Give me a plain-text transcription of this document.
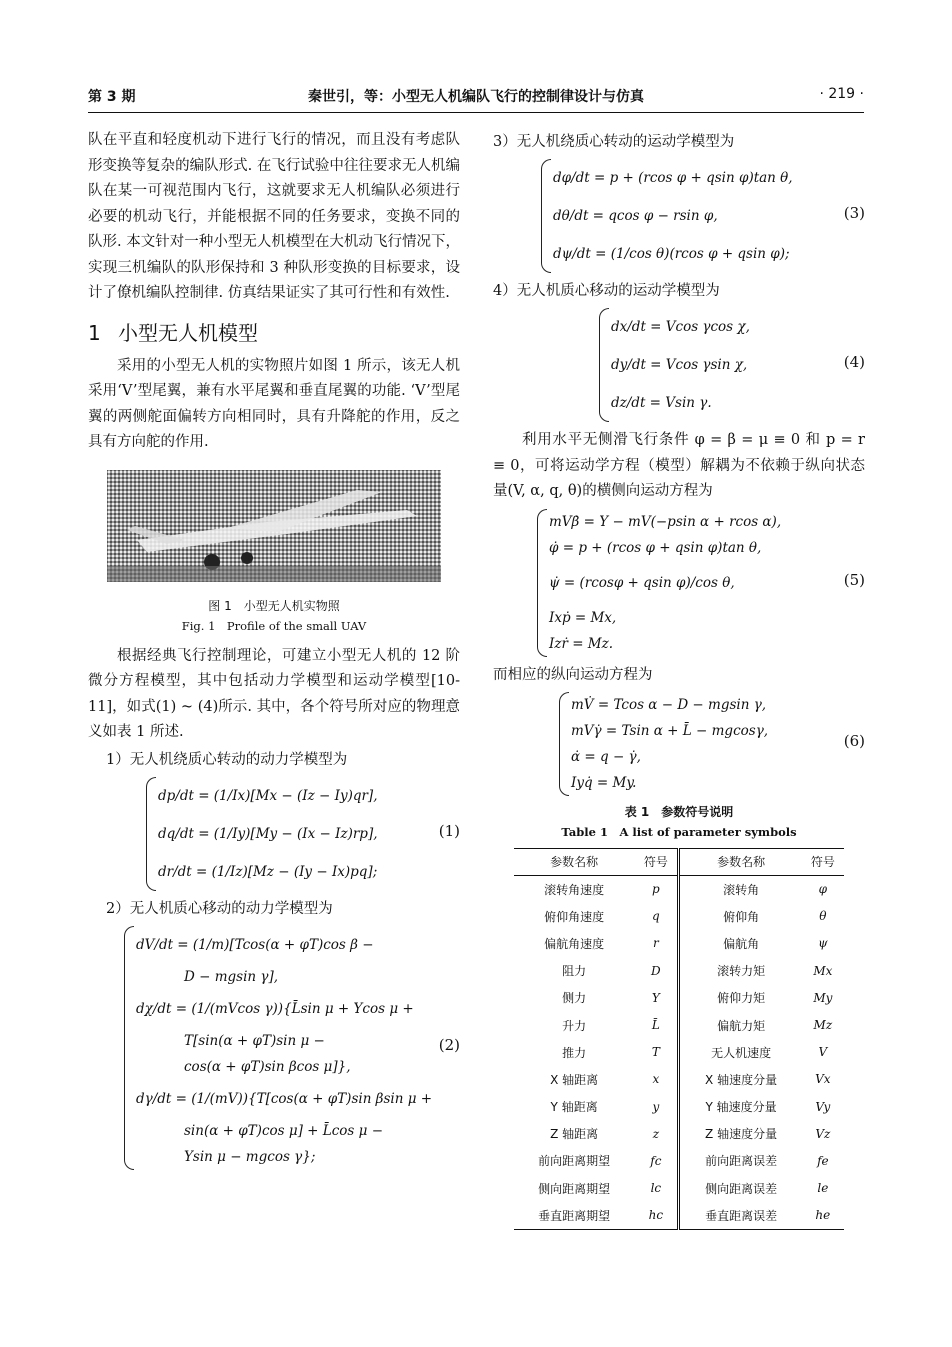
第 3 期	秦世引，等：小型无人机编队飞行的控制律设计与仿真	· 219 ·

队在平直和轻度机动下进行飞行的情况，而且没有考虑队形变换等复杂的编队形式. 在飞行试验中往往要求无人机编队在某一可视范围内飞行，这就要求无人机编队必须进行必要的机动飞行，并能根据不同的任务要求，变换不同的队形. 本文针对一种小型无人机模型在大机动飞行情况下，实现三机编队的队形保持和 3 种队形变换的目标要求，设计了僚机编队控制律. 仿真结果证实了其可行性和有效性.

1 小型无人机模型

采用的小型无人机的实物照片如图 1 所示，该无人机采用‘V’型尾翼，兼有水平尾翼和垂直尾翼的功能. ‘V’型尾翼的两侧舵面偏转方向相同时，具有升降舵的作用，反之具有方向舵的作用.

图 1　小型无人机实物照
Fig. 1　Profile of the small UAV

根据经典飞行控制理论，可建立小型无人机的 12 阶微分方程模型，其中包括动力学模型和运动学模型[10-11]，如式(1) ~ (4)所示. 其中，各个符号所对应的物理意义如表 1 所述.

1）无人机绕质心转动的动力学模型为
dp/dt = (1/Ix)[Mx − (Iz − Iy)qr],
dq/dt = (1/Iy)[My − (Ix − Iz)rp],
dr/dt = (1/Iz)[Mz − (Iy − Ix)pq];
(1)
2）无人机质心移动的动力学模型为
dV/dt = (1/m)[Tcos(α + φT)cos β −
D − mgsin γ],
dχ/dt = (1/(mVcos γ)){L̄sin μ + Ycos μ +
T[sin(α + φT)sin μ −
cos(α + φT)sin βcos μ]},
dγ/dt = (1/(mV)){T[cos(α + φT)sin βsin μ +
sin(α + φT)cos μ] + L̄cos μ −
Ysin μ − mgcos γ};
(2)
3）无人机绕质心转动的运动学模型为
dφ/dt = p + (rcos φ + qsin φ)tan θ,
dθ/dt = qcos φ − rsin φ,
dψ/dt = (1/cos θ)(rcos φ + qsin φ);
(3)
4）无人机质心移动的运动学模型为
dx/dt = Vcos γcos χ,
dy/dt = Vcos γsin χ,
dz/dt = Vsin γ.
(4)

利用水平无侧滑飞行条件 φ = β = μ ≡ 0 和 p = r ≡ 0，可将运动学方程（模型）解耦为不依赖于纵向状态量(V, α, q, θ)的横侧向运动方程为

mVβ̇ = Y − mV(−psin α + rcos α),
φ̇ = p + (rcos φ + qsin φ)tan θ,
ψ̇ = (rcosφ + qsin φ)/cos θ,
Ixṗ = Mx,
Izṙ = Mz.
(5)
而相应的纵向运动方程为
mV̇ = Tcos α − D − mgsin γ,
mVγ̇ = Tsin α + L̄ − mgcosγ,
α̇ = q − γ̇,
Iyq̇ = My.
(6)
表 1　参数符号说明
Table 1　A list of parameter symbols
参数名称	符号	参数名称	符号
滚转角速度	p	滚转角	φ
俯仰角速度	q	俯仰角	θ
偏航角速度	r	偏航角	ψ
阻力	D	滚转力矩	Mx
侧力	Y	俯仰力矩	My
升力	L̄	偏航力矩	Mz
推力	T	无人机速度	V
X 轴距离	x	X 轴速度分量	Vx
Y 轴距离	y	Y 轴速度分量	Vy
Z 轴距离	z	Z 轴速度分量	Vz
前向距离期望	fc	前向距离误差	fe
侧向距离期望	lc	侧向距离误差	le
垂直距离期望	hc	垂直距离误差	he
